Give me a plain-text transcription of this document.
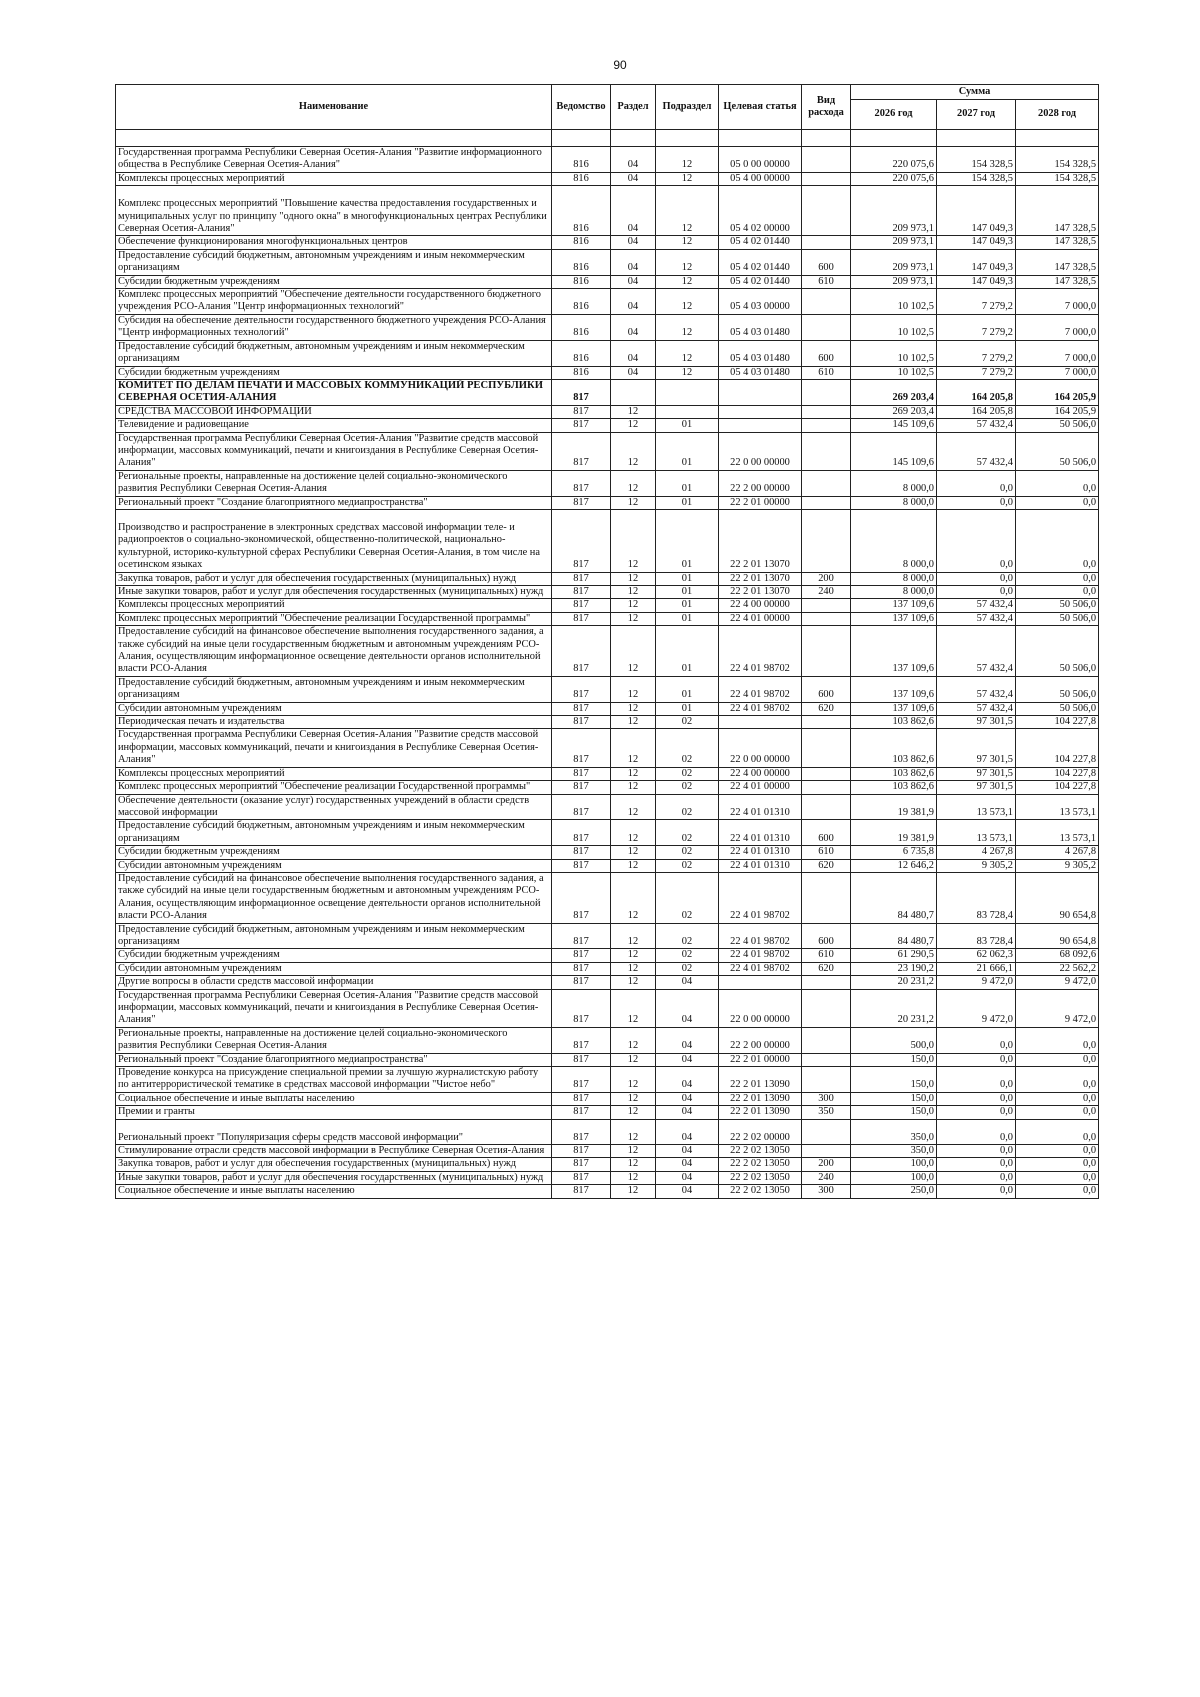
90
Наименование	Ведомство	Раздел	Подраздел	Целевая статья	Вид расхода	Сумма		
						2026 год	2027 год	2028 год

Государственная программа Республики Северная Осетия-Алания "Развитие информационного общества в Республике Северная Осетия-Алания"	816	04	12	05 0 00 00000		220 075,6	154 328,5	154 328,5
Комплексы процессных мероприятий	816	04	12	05 4 00 00000		220 075,6	154 328,5	154 328,5

Комплекс процессных мероприятий "Повышение качества предоставления государственных и муниципальных услуг по принципу "одного окна" в многофункциональных центрах Республики Северная Осетия-Алания"	816	04	12	05 4 02 00000		209 973,1	147 049,3	147 328,5
Обеспечение функционирования многофункциональных центров	816	04	12	05 4 02 01440		209 973,1	147 049,3	147 328,5
Предоставление субсидий бюджетным, автономным учреждениям и иным некоммерческим организациям	816	04	12	05 4 02 01440	600	209 973,1	147 049,3	147 328,5
Субсидии бюджетным учреждениям	816	04	12	05 4 02 01440	610	209 973,1	147 049,3	147 328,5
Комплекс процессных мероприятий "Обеспечение деятельности государственного бюджетного учреждения РСО-Алания "Центр информационных технологий"	816	04	12	05 4 03 00000		10 102,5	7 279,2	7 000,0
Субсидия на обеспечение деятельности государственного бюджетного учреждения РСО-Алания "Центр информационных технологий"	816	04	12	05 4 03 01480		10 102,5	7 279,2	7 000,0
Предоставление субсидий бюджетным, автономным учреждениям и иным некоммерческим организациям	816	04	12	05 4 03 01480	600	10 102,5	7 279,2	7 000,0
Субсидии бюджетным учреждениям	816	04	12	05 4 03 01480	610	10 102,5	7 279,2	7 000,0
КОМИТЕТ ПО ДЕЛАМ ПЕЧАТИ И МАССОВЫХ КОММУНИКАЦИЙ РЕСПУБЛИКИ СЕВЕРНАЯ ОСЕТИЯ-АЛАНИЯ	817					269 203,4	164 205,8	164 205,9
СРЕДСТВА МАССОВОЙ ИНФОРМАЦИИ	817	12				269 203,4	164 205,8	164 205,9
Телевидение и радиовещание	817	12	01			145 109,6	57 432,4	50 506,0
Государственная программа Республики Северная Осетия-Алания "Развитие средств массовой информации, массовых коммуникаций, печати и книгоиздания в Республике Северная Осетия-Алания"	817	12	01	22 0 00 00000		145 109,6	57 432,4	50 506,0
Региональные проекты, направленные на достижение целей социально-экономического развития Республики Северная Осетия-Алания	817	12	01	22 2 00 00000		8 000,0	0,0	0,0
Региональный проект "Создание благоприятного медиапространства"	817	12	01	22 2 01 00000		8 000,0	0,0	0,0

Производство и распространение в электронных средствах массовой информации теле- и радиопроектов о социально-экономической, общественно-политической, национально-культурной, историко-культурной сферах Республики Северная Осетия-Алания, в том числе на осетинском языках	817	12	01	22 2 01 13070		8 000,0	0,0	0,0
Закупка товаров, работ и услуг для обеспечения государственных (муниципальных) нужд	817	12	01	22 2 01 13070	200	8 000,0	0,0	0,0
Иные закупки товаров, работ и услуг для обеспечения государственных (муниципальных) нужд	817	12	01	22 2 01 13070	240	8 000,0	0,0	0,0
Комплексы процессных мероприятий	817	12	01	22 4 00 00000		137 109,6	57 432,4	50 506,0
Комплекс процессных мероприятий "Обеспечение реализации Государственной программы"	817	12	01	22 4 01 00000		137 109,6	57 432,4	50 506,0
Предоставление субсидий на финансовое обеспечение выполнения государственного задания, а также субсидий на иные цели государственным бюджетным и автономным учреждениям РСО-Алания, осуществляющим информационное освещение деятельности органов исполнительной власти РСО-Алания	817	12	01	22 4 01 98702		137 109,6	57 432,4	50 506,0
Предоставление субсидий бюджетным, автономным учреждениям и иным некоммерческим организациям	817	12	01	22 4 01 98702	600	137 109,6	57 432,4	50 506,0
Субсидии автономным учреждениям	817	12	01	22 4 01 98702	620	137 109,6	57 432,4	50 506,0
Периодическая печать и издательства	817	12	02			103 862,6	97 301,5	104 227,8
Государственная программа Республики Северная Осетия-Алания "Развитие средств массовой информации, массовых коммуникаций, печати и книгоиздания в Республике Северная Осетия-Алания"	817	12	02	22 0 00 00000		103 862,6	97 301,5	104 227,8
Комплексы процессных мероприятий	817	12	02	22 4 00 00000		103 862,6	97 301,5	104 227,8
Комплекс процессных мероприятий "Обеспечение реализации Государственной программы"	817	12	02	22 4 01 00000		103 862,6	97 301,5	104 227,8
Обеспечение деятельности (оказание услуг) государственных учреждений в области средств массовой информации	817	12	02	22 4 01 01310		19 381,9	13 573,1	13 573,1
Предоставление субсидий бюджетным, автономным учреждениям и иным некоммерческим организациям	817	12	02	22 4 01 01310	600	19 381,9	13 573,1	13 573,1
Субсидии бюджетным учреждениям	817	12	02	22 4 01 01310	610	6 735,8	4 267,8	4 267,8
Субсидии автономным учреждениям	817	12	02	22 4 01 01310	620	12 646,2	9 305,2	9 305,2
Предоставление субсидий на финансовое обеспечение выполнения государственного задания, а также субсидий на иные цели государственным бюджетным и автономным учреждениям РСО-Алания, осуществляющим информационное освещение деятельности органов исполнительной власти РСО-Алания	817	12	02	22 4 01 98702		84 480,7	83 728,4	90 654,8
Предоставление субсидий бюджетным, автономным учреждениям и иным некоммерческим организациям	817	12	02	22 4 01 98702	600	84 480,7	83 728,4	90 654,8
Субсидии бюджетным учреждениям	817	12	02	22 4 01 98702	610	61 290,5	62 062,3	68 092,6
Субсидии автономным учреждениям	817	12	02	22 4 01 98702	620	23 190,2	21 666,1	22 562,2
Другие вопросы в области средств массовой информации	817	12	04			20 231,2	9 472,0	9 472,0
Государственная программа Республики Северная Осетия-Алания "Развитие средств массовой информации, массовых коммуникаций, печати и книгоиздания в Республике Северная Осетия-Алания"	817	12	04	22 0 00 00000		20 231,2	9 472,0	9 472,0
Региональные проекты, направленные на достижение целей социально-экономического развития Республики Северная Осетия-Алания	817	12	04	22 2 00 00000		500,0	0,0	0,0
Региональный проект "Создание благоприятного медиапространства"	817	12	04	22 2 01 00000		150,0	0,0	0,0
Проведение конкурса на присуждение специальной премии за лучшую журналистскую работу по антитеррористической тематике в средствах массовой информации "Чистое небо"	817	12	04	22 2 01 13090		150,0	0,0	0,0
Социальное обеспечение и иные выплаты населению	817	12	04	22 2 01 13090	300	150,0	0,0	0,0
Премии и гранты	817	12	04	22 2 01 13090	350	150,0	0,0	0,0

Региональный проект "Популяризация сферы средств массовой информации"	817	12	04	22 2 02 00000		350,0	0,0	0,0
Стимулирование отрасли средств массовой информации в Республике Северная Осетия-Алания	817	12	04	22 2 02 13050		350,0	0,0	0,0
Закупка товаров, работ и услуг для обеспечения государственных (муниципальных) нужд	817	12	04	22 2 02 13050	200	100,0	0,0	0,0
Иные закупки товаров, работ и услуг для обеспечения государственных (муниципальных) нужд	817	12	04	22 2 02 13050	240	100,0	0,0	0,0
Социальное обеспечение и иные выплаты населению	817	12	04	22 2 02 13050	300	250,0	0,0	0,0
